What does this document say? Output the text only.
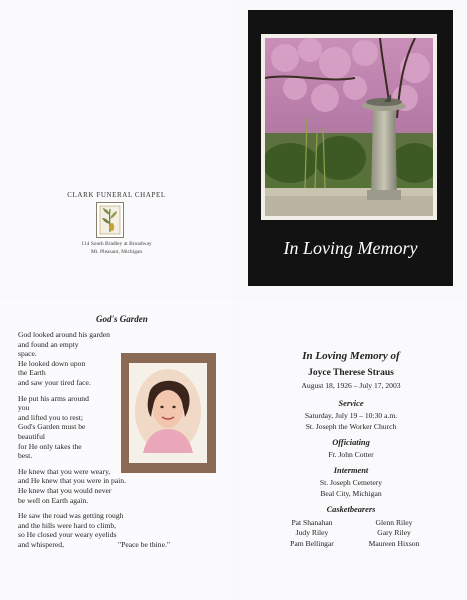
CLARK FUNERAL CHAPEL
114 South Bradley at Broadway
Mt. Pleasant, Michigan	In Loving Memory
God's Garden
God looked around his garden
and found an empty
space.
He looked down upon
the Earth
and saw your tired face.
He put his arms around
you
and lifted you to rest;
God's Garden must be
beautiful
for He only takes the
best.
He knew that you were weary,
and He knew that you were in pain.
He knew that you would never
be well on Earth again.
He saw the road was getting rough
and the hills were hard to climb,
so He closed your weary eyelids
and whispered,	"Peace be thine."
In Loving Memory of
Joyce Therese Straus
August 18, 1926 – July 17, 2003
Service
Saturday, July 19 – 10:30 a.m.
St. Joseph the Worker Church
Officiating
Fr. John Cotter
Interment
St. Joseph Cemetery
Beal City, Michigan
Casketbearers
Pat Shanahan
Judy Riley
Pam Bellingar
Glenn Riley
Gary Riley
Maureen Hixson
